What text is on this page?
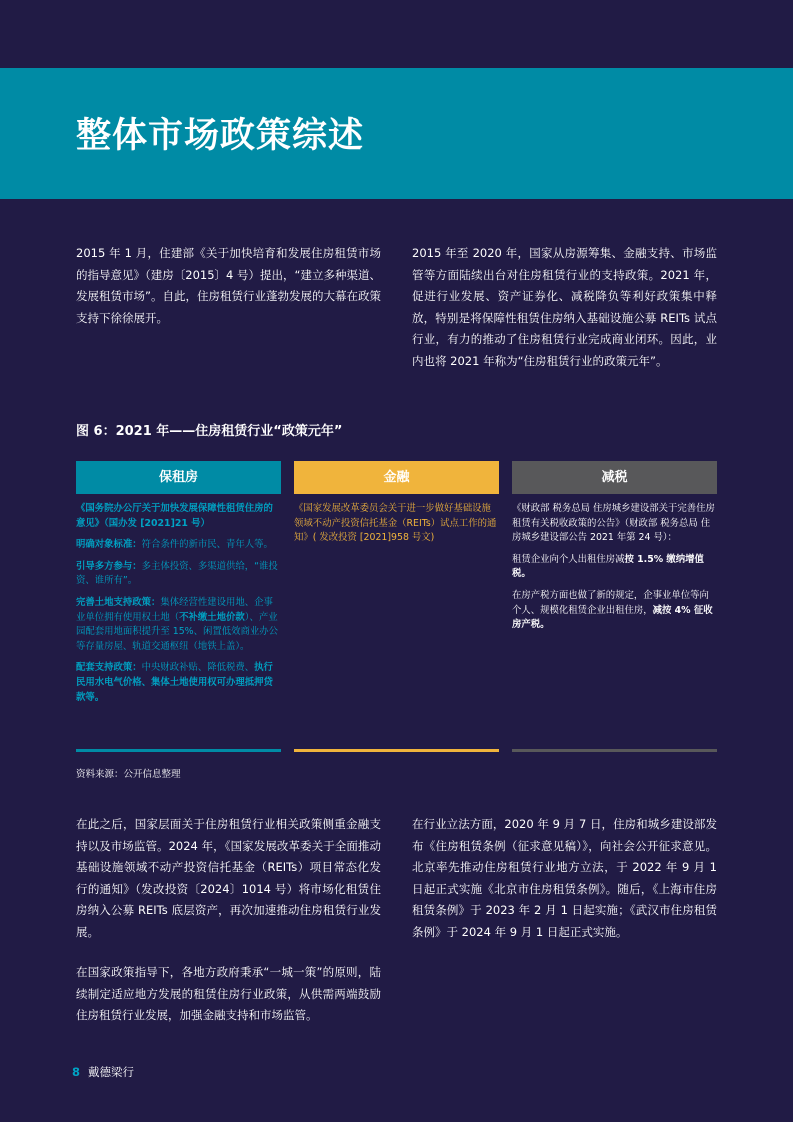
整体市场政策综述

2015 年 1 月，住建部《关于加快培育和发展住房租赁市场的指导意见》（建房〔2015〕4 号）提出，“建立多种渠道、发展租赁市场”。自此，住房租赁行业蓬勃发展的大幕在政策支持下徐徐展开。

2015 年至 2020 年，国家从房源筹集、金融支持、市场监管等方面陆续出台对住房租赁行业的支持政策。2021 年，促进行业发展、资产证券化、减税降负等利好政策集中释放，特别是将保障性租赁住房纳入基础设施公募 REITs 试点行业，有力的推动了住房租赁行业完成商业闭环。因此，业内也将 2021 年称为“住房租赁行业的政策元年”。

图 6：2021 年——住房租赁行业“政策元年”

保租房

《国务院办公厅关于加快发展保障性租赁住房的意见》（国办发 [2021]21 号）

明确对象标准：符合条件的新市民、青年人等。

引导多方参与：多主体投资、多渠道供给，“谁投资、谁所有”。

完善土地支持政策：集体经营性建设用地、企事业单位拥有使用权土地（不补缴土地价款）、产业园配套用地面积提升至 15%、闲置低效商业办公等存量房屋、轨道交通枢纽（地铁上盖）。

配套支持政策：中央财政补贴、降低税费、执行民用水电气价格、集体土地使用权可办理抵押贷款等。

金融

《国家发展改革委员会关于进一步做好基础设施领域不动产投资信托基金（REITs）试点工作的通知》( 发改投资 [2021]958 号文)

减税

《财政部 税务总局 住房城乡建设部关于完善住房租赁有关税收政策的公告》（财政部 税务总局 住房城乡建设部公告 2021 年第 24 号）：

租赁企业向个人出租住房减按 1.5% 缴纳增值税。

在房产税方面也做了新的规定，企事业单位等向个人、规模化租赁企业出租住房，减按 4% 征收房产税。

资料来源：公开信息整理

在此之后，国家层面关于住房租赁行业相关政策侧重金融支持以及市场监管。2024 年，《国家发展改革委关于全面推动基础设施领域不动产投资信托基金（REITs）项目常态化发行的通知》（发改投资〔2024〕1014 号）将市场化租赁住房纳入公募 REITs 底层资产，再次加速推动住房租赁行业发展。

在国家政策指导下，各地方政府秉承“一城一策”的原则，陆续制定适应地方发展的租赁住房行业政策，从供需两端鼓励住房租赁行业发展，加强金融支持和市场监管。

在行业立法方面，2020 年 9 月 7 日，住房和城乡建设部发布《住房租赁条例（征求意见稿）》，向社会公开征求意见。北京率先推动住房租赁行业地方立法，于 2022 年 9 月 1 日起正式实施《北京市住房租赁条例》。随后，《上海市住房租赁条例》于 2023 年 2 月 1 日起实施；《武汉市住房租赁条例》于 2024 年 9 月 1 日起正式实施。

8 戴德梁行
